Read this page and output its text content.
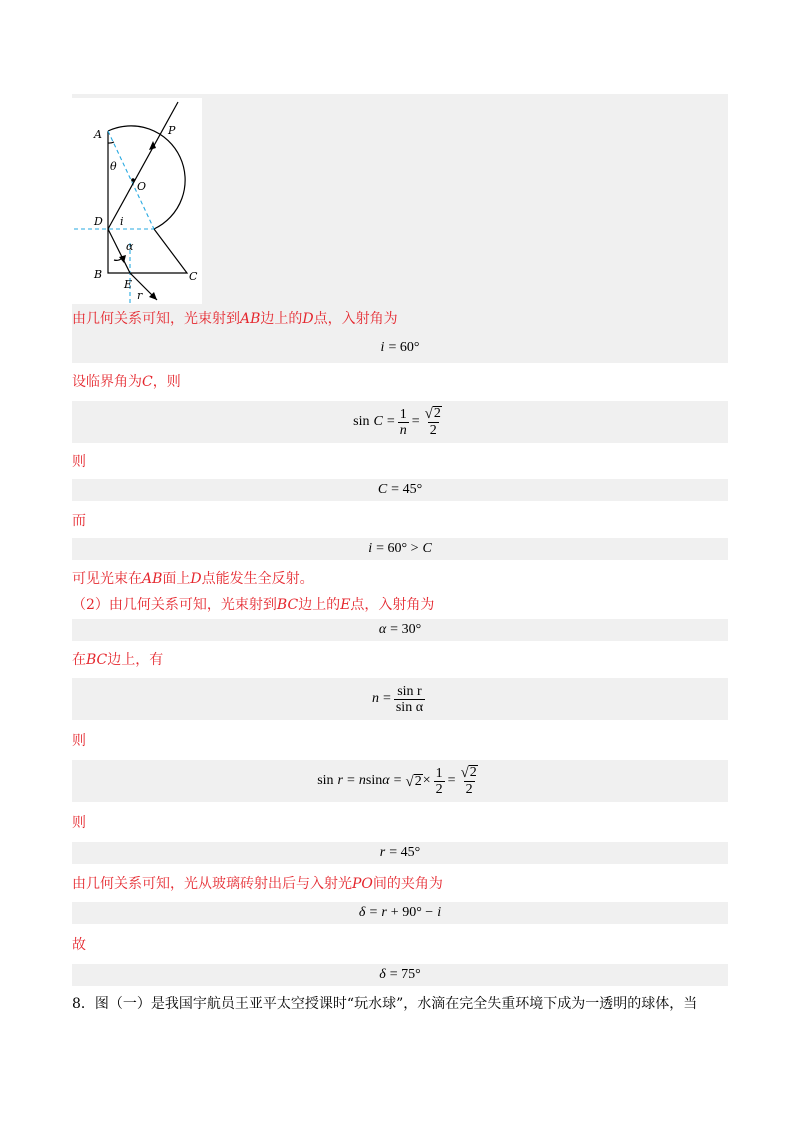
A	P
θ
O
D i
α
B
E
r
C
由几何关系可知，光束射到AB边上的D点，入射角为
i = 60°
设临界角为C，则
$\sin C = \frac{1}{n} = \frac{√ 2}{2}$
则
C = 45°
而
i = 60° > C
可见光束在AB面上D点能发生全反射。
（2）由几何关系可知，光束射到BC边上的E点，入射角为
α = 30°
在BC边上，有
$n = \frac{\text{sin r}}{\text{sin α}}$
则
sin r = n sin α = √ $2 \times \frac{1}{2} = \frac{√ 2}{2}$
则
r = 45°
由几何关系可知，光从玻璃砖射出后与入射光PO间的夹角为
δ = r + 90° − i
故
δ = 75°
8．图（一）是我国宇航员王亚平太空授课时“玩水球”，水滴在完全失重环境下成为一透明的球体，当
